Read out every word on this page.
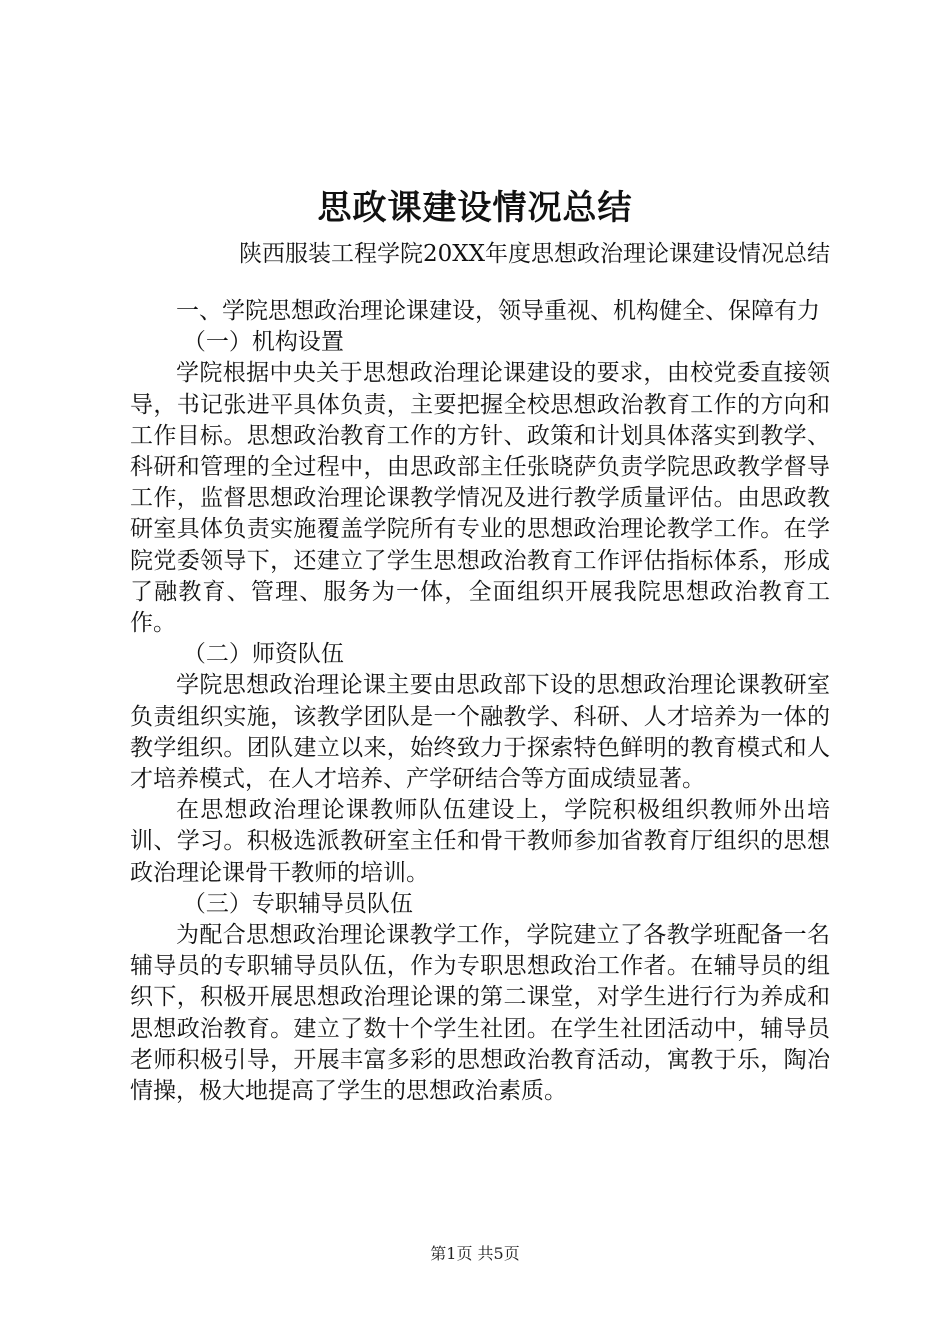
思政课建设情况总结
陕西服装工程学院20XX年度思想政治理论课建设情况总结

一、学院思想政治理论课建设，领导重视、机构健全、保障有力

（一）机构设置

学院根据中央关于思想政治理论课建设的要求，由校党委直接领导，书记张进平具体负责，主要把握全校思想政治教育工作的方向和工作目标。思想政治教育工作的方针、政策和计划具体落实到教学、科研和管理的全过程中，由思政部主任张晓萨负责学院思政教学督导工作，监督思想政治理论课教学情况及进行教学质量评估。由思政教研室具体负责实施覆盖学院所有专业的思想政治理论教学工作。在学院党委领导下，还建立了学生思想政治教育工作评估指标体系，形成了融教育、管理、服务为一体，全面组织开展我院思想政治教育工作。

（二）师资队伍

学院思想政治理论课主要由思政部下设的思想政治理论课教研室负责组织实施，该教学团队是一个融教学、科研、人才培养为一体的教学组织。团队建立以来，始终致力于探索特色鲜明的教育模式和人才培养模式，在人才培养、产学研结合等方面成绩显著。

在思想政治理论课教师队伍建设上，学院积极组织教师外出培训、学习。积极选派教研室主任和骨干教师参加省教育厅组织的思想政治理论课骨干教师的培训。

（三）专职辅导员队伍

为配合思想政治理论课教学工作，学院建立了各教学班配备一名辅导员的专职辅导员队伍，作为专职思想政治工作者。在辅导员的组织下，积极开展思想政治理论课的第二课堂，对学生进行行为养成和思想政治教育。建立了数十个学生社团。在学生社团活动中，辅导员老师积极引导，开展丰富多彩的思想政治教育活动，寓教于乐，陶冶情操，极大地提高了学生的思想政治素质。

第1页 共5页
